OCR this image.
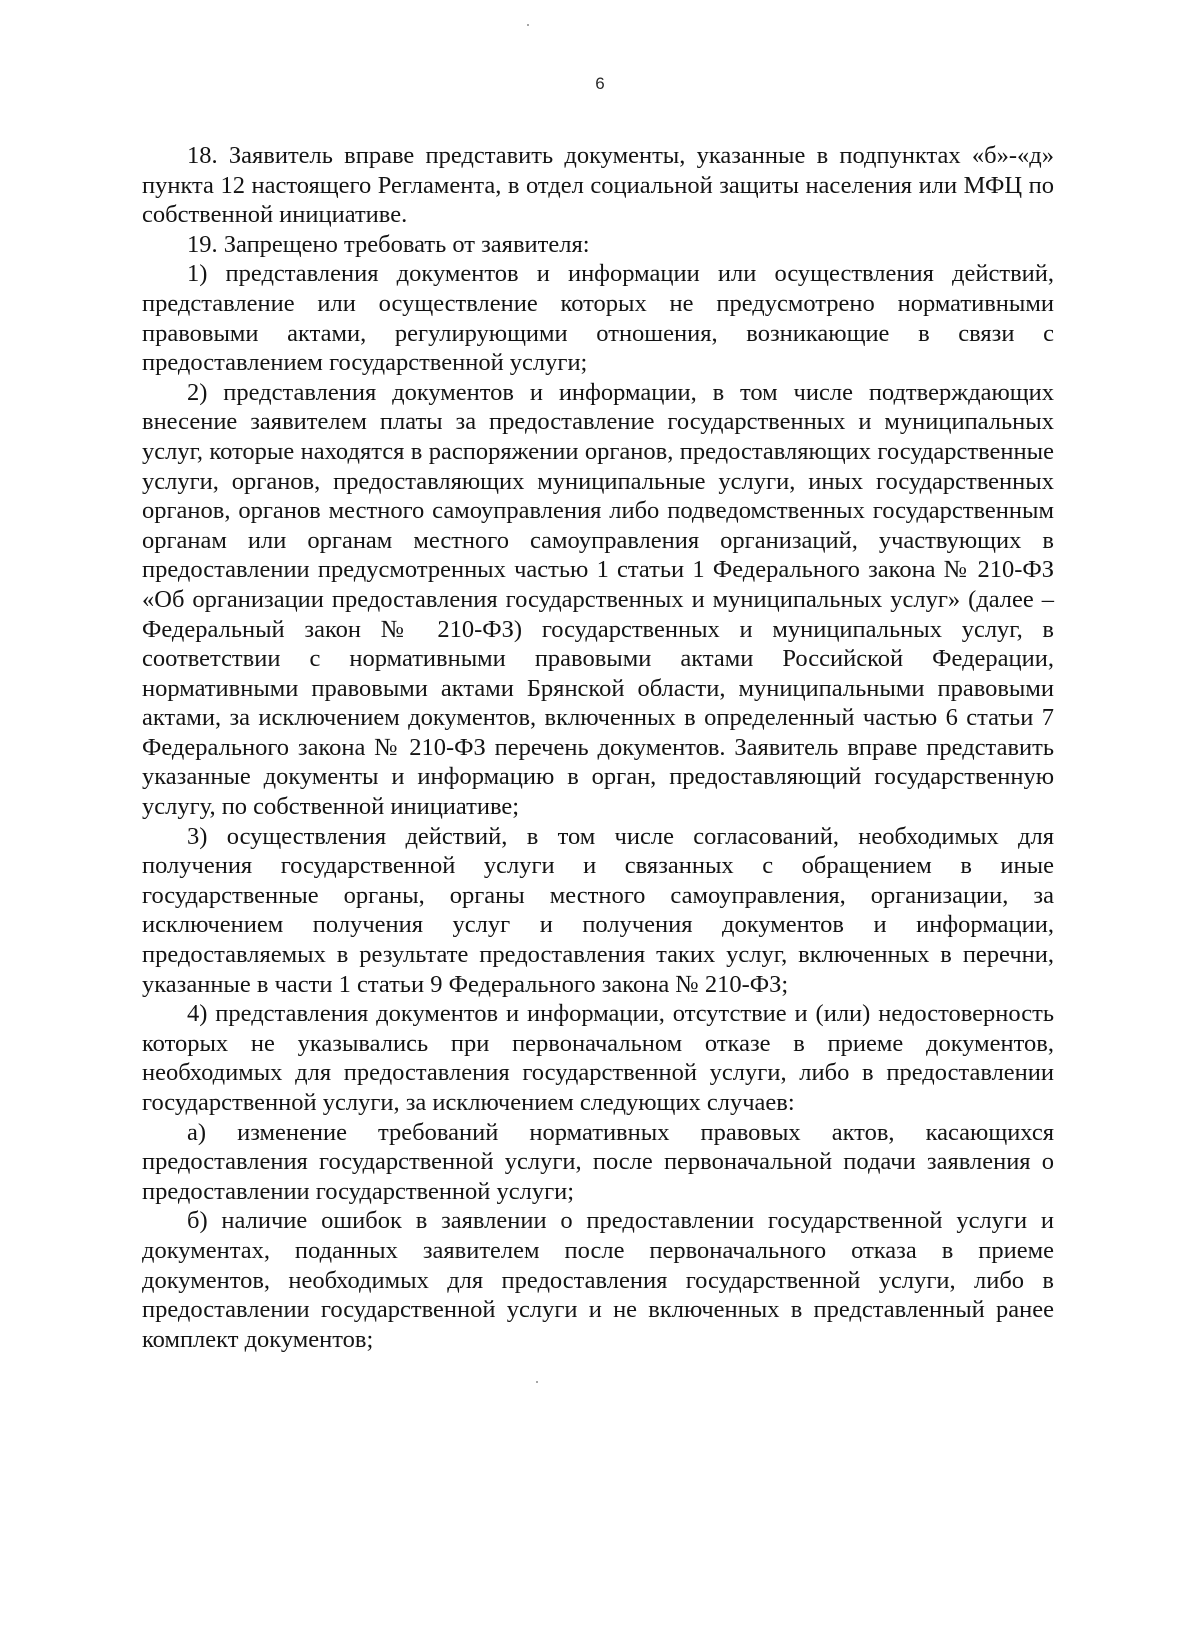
6

18. Заявитель вправе представить документы, указанные в подпунктах «б»-«д» пункта 12 настоящего Регламента, в отдел социальной защиты населения или МФЦ по собственной инициативе.

19. Запрещено требовать от заявителя:

1) представления документов и информации или осуществления действий, представление или осуществление которых не предусмотрено нормативными правовыми актами, регулирующими отношения, возникающие в связи с предоставлением государственной услуги;

2) представления документов и информации, в том числе подтверждающих внесение заявителем платы за предоставление государственных и муниципальных услуг, которые находятся в распоряжении органов, предоставляющих государственные услуги, органов, предоставляющих муниципальные услуги, иных государственных органов, органов местного самоуправления либо подведомственных государственным органам или органам местного самоуправления организаций, участвующих в предоставлении предусмотренных частью 1 статьи 1 Федерального закона № 210-ФЗ «Об организации предоставления государственных и муниципальных услуг» (далее – Федеральный закон № 210-ФЗ) государственных и муниципальных услуг, в соответствии с нормативными правовыми актами Российской Федерации, нормативными правовыми актами Брянской области, муниципальными правовыми актами, за исключением документов, включенных в определенный частью 6 статьи 7 Федерального закона № 210-ФЗ перечень документов. Заявитель вправе представить указанные документы и информацию в орган, предоставляющий государственную услугу, по собственной инициативе;

3) осуществления действий, в том числе согласований, необходимых для получения государственной услуги и связанных с обращением в иные государственные органы, органы местного самоуправления, организации, за исключением получения услуг и получения документов и информации, предоставляемых в результате предоставления таких услуг, включенных в перечни, указанные в части 1 статьи 9 Федерального закона № 210-ФЗ;

4) представления документов и информации, отсутствие и (или) недостоверность которых не указывались при первоначальном отказе в приеме документов, необходимых для предоставления государственной услуги, либо в предоставлении государственной услуги, за исключением следующих случаев:

а) изменение требований нормативных правовых актов, касающихся предоставления государственной услуги, после первоначальной подачи заявления о предоставлении государственной услуги;

б) наличие ошибок в заявлении о предоставлении государственной услуги и документах, поданных заявителем после первоначального отказа в приеме документов, необходимых для предоставления государственной услуги, либо в предоставлении государственной услуги и не включенных в представленный ранее комплект документов;
